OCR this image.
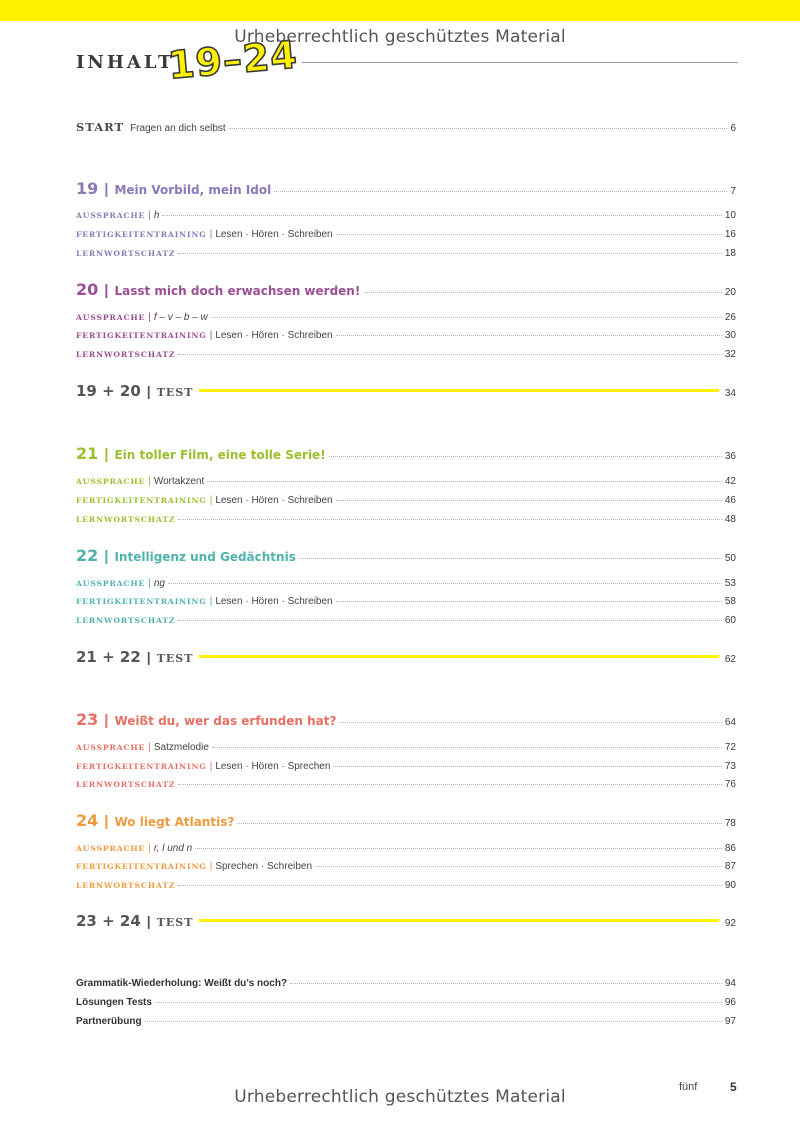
Urheberrechtlich geschütztes Material
INHALT
19–24
START Fragen an dich selbst	6
19 | Mein Vorbild, mein Idol	7
AUSSPRACHE | h	10
FERTIGKEITENTRAINING | Lesen · Hören · Schreiben	16
LERNWORTSCHATZ	18
20 | Lasst mich doch erwachsen werden!	20
AUSSPRACHE | f – v – b – w	26
FERTIGKEITENTRAINING | Lesen · Hören · Schreiben	30
LERNWORTSCHATZ	32
19 + 20 | TEST	34
21 | Ein toller Film, eine tolle Serie!	36
AUSSPRACHE | Wortakzent	42
FERTIGKEITENTRAINING | Lesen · Hören · Schreiben	46
LERNWORTSCHATZ	48
22 | Intelligenz und Gedächtnis	50
AUSSPRACHE | ng	53
FERTIGKEITENTRAINING | Lesen · Hören · Schreiben	58
LERNWORTSCHATZ	60
21 + 22 | TEST	62
23 | Weißt du, wer das erfunden hat?	64
AUSSPRACHE | Satzmelodie	72
FERTIGKEITENTRAINING | Lesen · Hören · Sprechen	73
LERNWORTSCHATZ	76
24 | Wo liegt Atlantis?	78
AUSSPRACHE | r, l und n	86
FERTIGKEITENTRAINING | Sprechen · Schreiben	87
LERNWORTSCHATZ	90
23 + 24 | TEST	92
Grammatik-Wiederholung: Weißt du’s noch?	94
Lösungen Tests	96
Partnerübung	97
fünf	5
Urheberrechtlich geschütztes Material
